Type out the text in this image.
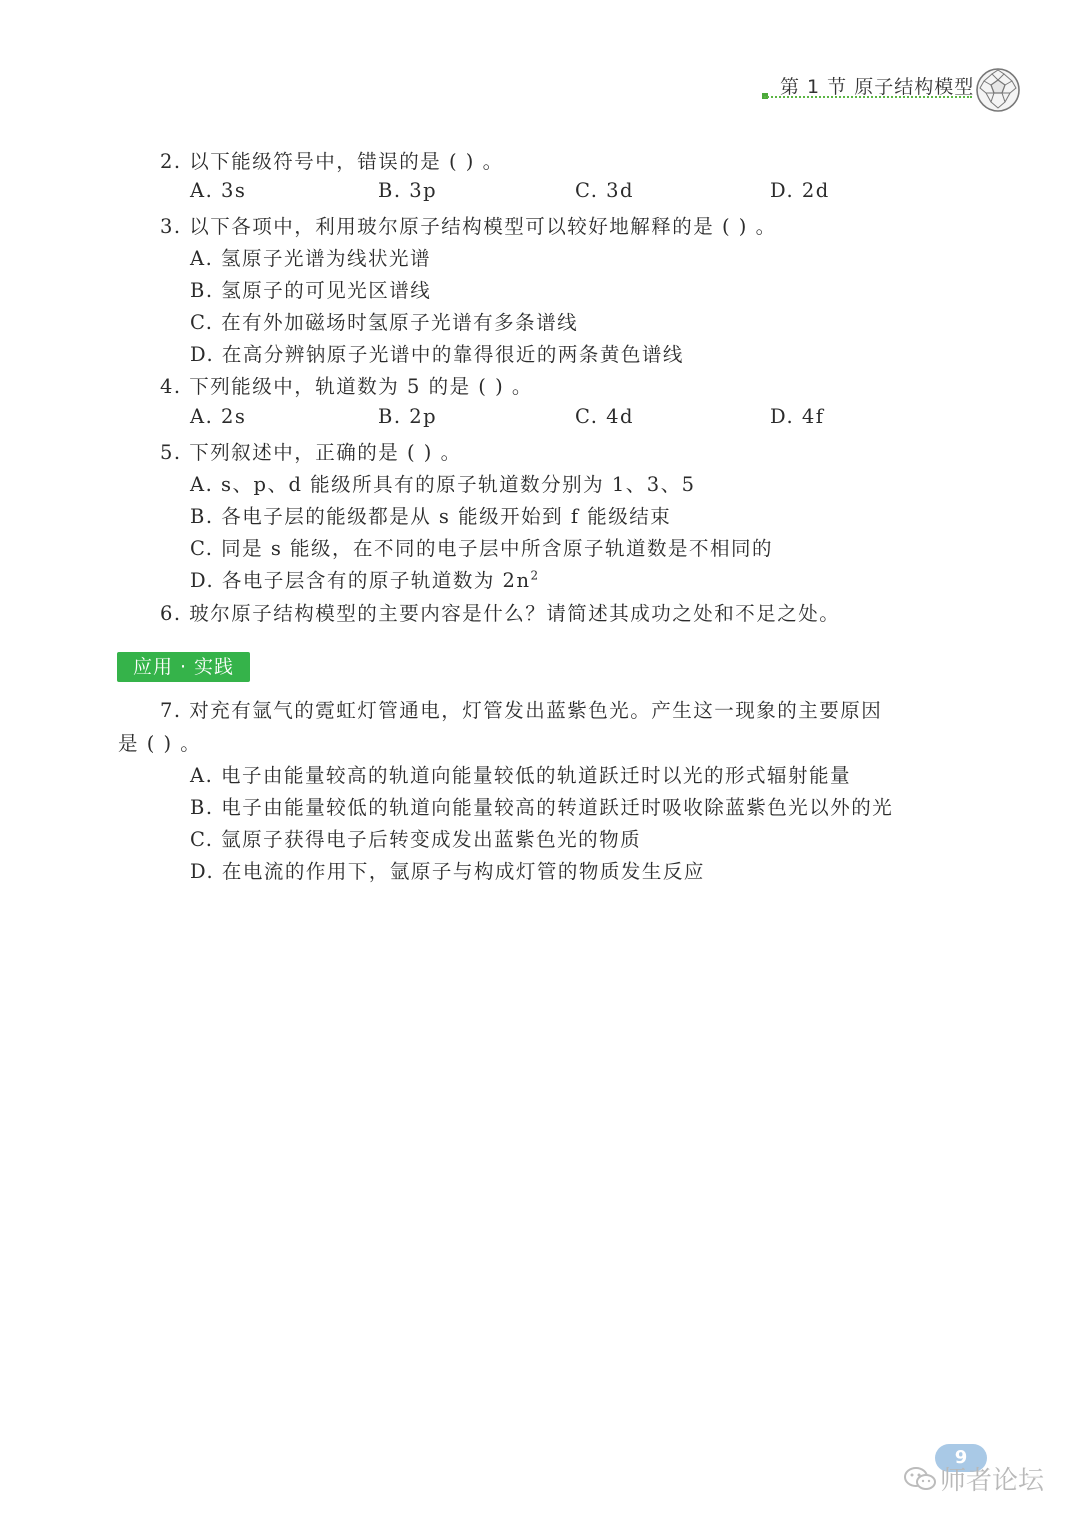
第 1 节 原子结构模型
2. 以下能级符号中，错误的是 ( ) 。
A. 3s	B. 3p	C. 3d	D. 2d
3. 以下各项中，利用玻尔原子结构模型可以较好地解释的是 ( ) 。
A. 氢原子光谱为线状光谱
B. 氢原子的可见光区谱线
C. 在有外加磁场时氢原子光谱有多条谱线
D. 在高分辨钠原子光谱中的靠得很近的两条黄色谱线
4. 下列能级中，轨道数为 5 的是 ( ) 。
A. 2s	B. 2p	C. 4d	D. 4f
5. 下列叙述中，正确的是 ( ) 。
A. s、p、d 能级所具有的原子轨道数分别为 1、3、5
B. 各电子层的能级都是从 s 能级开始到 f 能级结束
C. 同是 s 能级，在不同的电子层中所含原子轨道数是不相同的
D. 各电子层含有的原子轨道数为 $2n^2$
6. 玻尔原子结构模型的主要内容是什么？请简述其成功之处和不足之处。
应用 · 实践
7. 对充有氩气的霓虹灯管通电，灯管发出蓝紫色光。产生这一现象的主要原因
是 ( ) 。
A. 电子由能量较高的轨道向能量较低的轨道跃迁时以光的形式辐射能量
B. 电子由能量较低的轨道向能量较高的转道跃迁时吸收除蓝紫色光以外的光
C. 氩原子获得电子后转变成发出蓝紫色光的物质
D. 在电流的作用下，氩原子与构成灯管的物质发生反应
9
师者论坛
